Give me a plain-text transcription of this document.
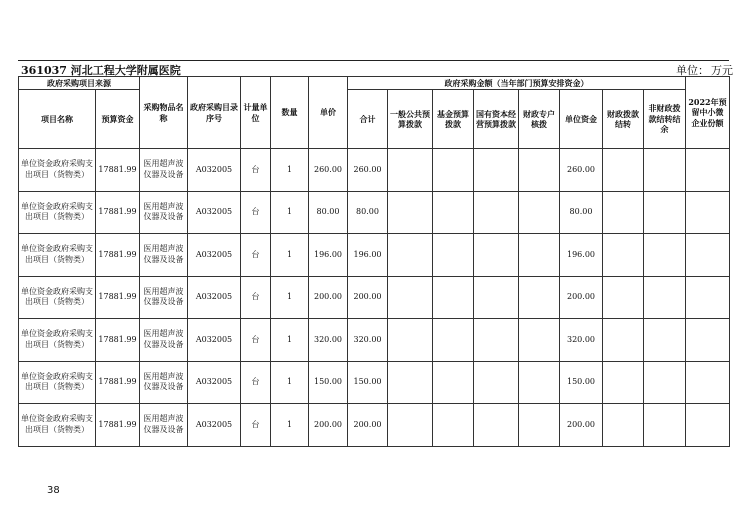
361037 河北工程大学附属医院	单位： 万元
政府采购项目来源		采购物品名称	政府采购目录序号	计量单位	数量	单价	政府采购金额（当年部门预算安排资金）								2022年预留中小微企业份额
项目名称	预算资金						合计	一般公共预算拨款	基金预算拨款	国有资本经营预算拨款	财政专户核拨	单位资金	财政拨款结转	非财政拨款结转结余	
单位资金政府采购支出项目（货物类）	17881.99	医用超声波仪器及设备	A032005	台	1	260.00	260.00					260.00			
单位资金政府采购支出项目（货物类）	17881.99	医用超声波仪器及设备	A032005	台	1	80.00	80.00					80.00			
单位资金政府采购支出项目（货物类）	17881.99	医用超声波仪器及设备	A032005	台	1	196.00	196.00					196.00			
单位资金政府采购支出项目（货物类）	17881.99	医用超声波仪器及设备	A032005	台	1	200.00	200.00					200.00			
单位资金政府采购支出项目（货物类）	17881.99	医用超声波仪器及设备	A032005	台	1	320.00	320.00					320.00			
单位资金政府采购支出项目（货物类）	17881.99	医用超声波仪器及设备	A032005	台	1	150.00	150.00					150.00			
单位资金政府采购支出项目（货物类）	17881.99	医用超声波仪器及设备	A032005	台	1	200.00	200.00					200.00			
38
